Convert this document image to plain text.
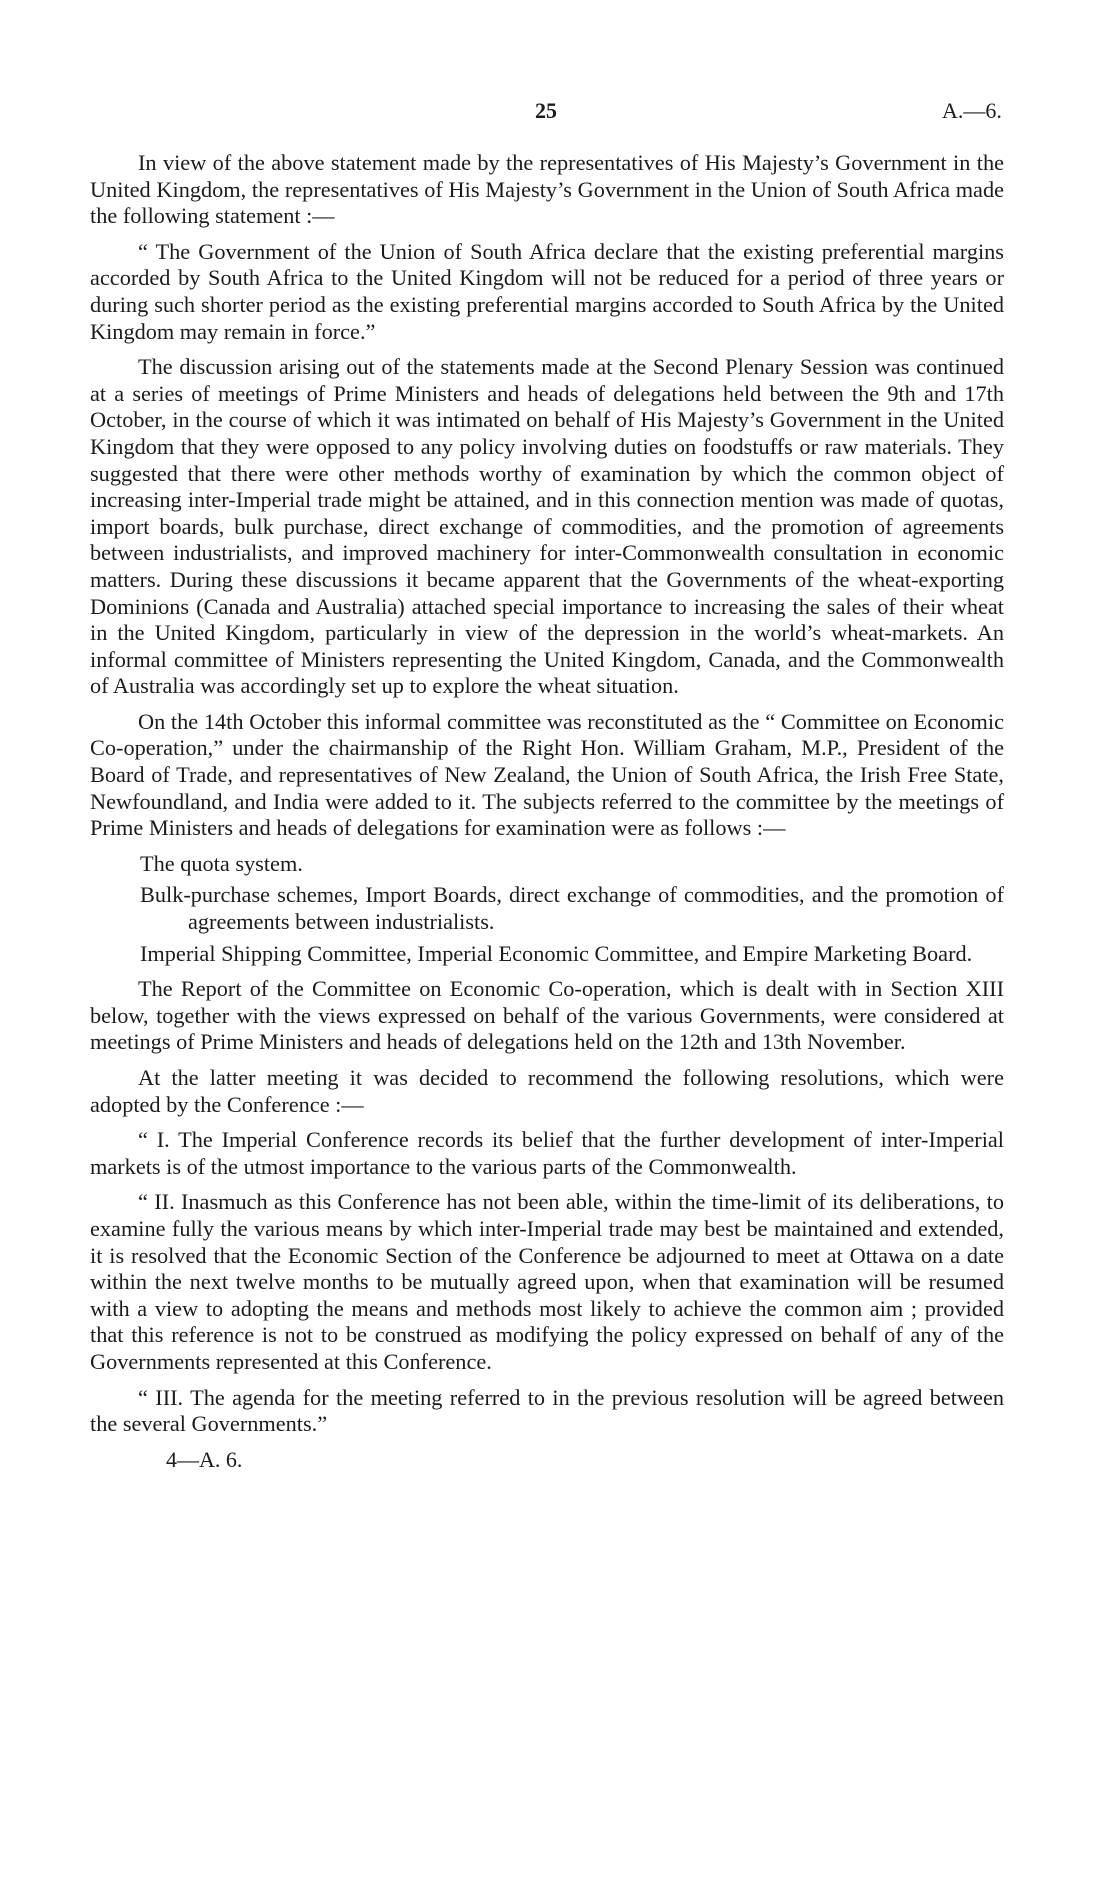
25	A.—6.

In view of the above statement made by the representatives of His Majesty’s Government in the United Kingdom, the representatives of His Majesty’s Government in the Union of South Africa made the following statement :—

“ The Government of the Union of South Africa declare that the existing preferential margins accorded by South Africa to the United Kingdom will not be reduced for a period of three years or during such shorter period as the existing preferential margins accorded to South Africa by the United Kingdom may remain in force.”

The discussion arising out of the statements made at the Second Plenary Session was continued at a series of meetings of Prime Ministers and heads of delegations held between the 9th and 17th October, in the course of which it was intimated on behalf of His Majesty’s Government in the United Kingdom that they were opposed to any policy involving duties on foodstuffs or raw materials. They suggested that there were other methods worthy of examination by which the common object of increasing inter-Imperial trade might be attained, and in this connection mention was made of quotas, import boards, bulk purchase, direct exchange of commodities, and the promotion of agreements between industrialists, and improved machinery for inter-Commonwealth consultation in economic matters. During these discussions it became apparent that the Governments of the wheat-exporting Dominions (Canada and Australia) attached special importance to increasing the sales of their wheat in the United Kingdom, particularly in view of the depression in the world’s wheat-markets. An informal committee of Ministers representing the United Kingdom, Canada, and the Commonwealth of Australia was accordingly set up to explore the wheat situation.

On the 14th October this informal committee was reconstituted as the “ Committee on Economic Co-operation,” under the chairmanship of the Right Hon. William Graham, M.P., President of the Board of Trade, and representatives of New Zealand, the Union of South Africa, the Irish Free State, Newfoundland, and India were added to it. The subjects referred to the committee by the meetings of Prime Ministers and heads of delegations for examination were as follows :—

The quota system.
Bulk-purchase schemes, Import Boards, direct exchange of commodities, and the promotion of agreements between industrialists.
Imperial Shipping Committee, Imperial Economic Committee, and Empire Marketing Board.

The Report of the Committee on Economic Co-operation, which is dealt with in Section XIII below, together with the views expressed on behalf of the various Governments, were considered at meetings of Prime Ministers and heads of delegations held on the 12th and 13th November.

At the latter meeting it was decided to recommend the following resolutions, which were adopted by the Conference :—

“ I. The Imperial Conference records its belief that the further development of inter-Imperial markets is of the utmost importance to the various parts of the Commonwealth.

“ II. Inasmuch as this Conference has not been able, within the time-limit of its deliberations, to examine fully the various means by which inter-Imperial trade may best be maintained and extended, it is resolved that the Economic Section of the Conference be adjourned to meet at Ottawa on a date within the next twelve months to be mutually agreed upon, when that examination will be resumed with a view to adopting the means and methods most likely to achieve the common aim ; provided that this reference is not to be construed as modifying the policy expressed on behalf of any of the Governments represented at this Conference.

“ III. The agenda for the meeting referred to in the previous resolution will be agreed between the several Governments.”

4—A. 6.
